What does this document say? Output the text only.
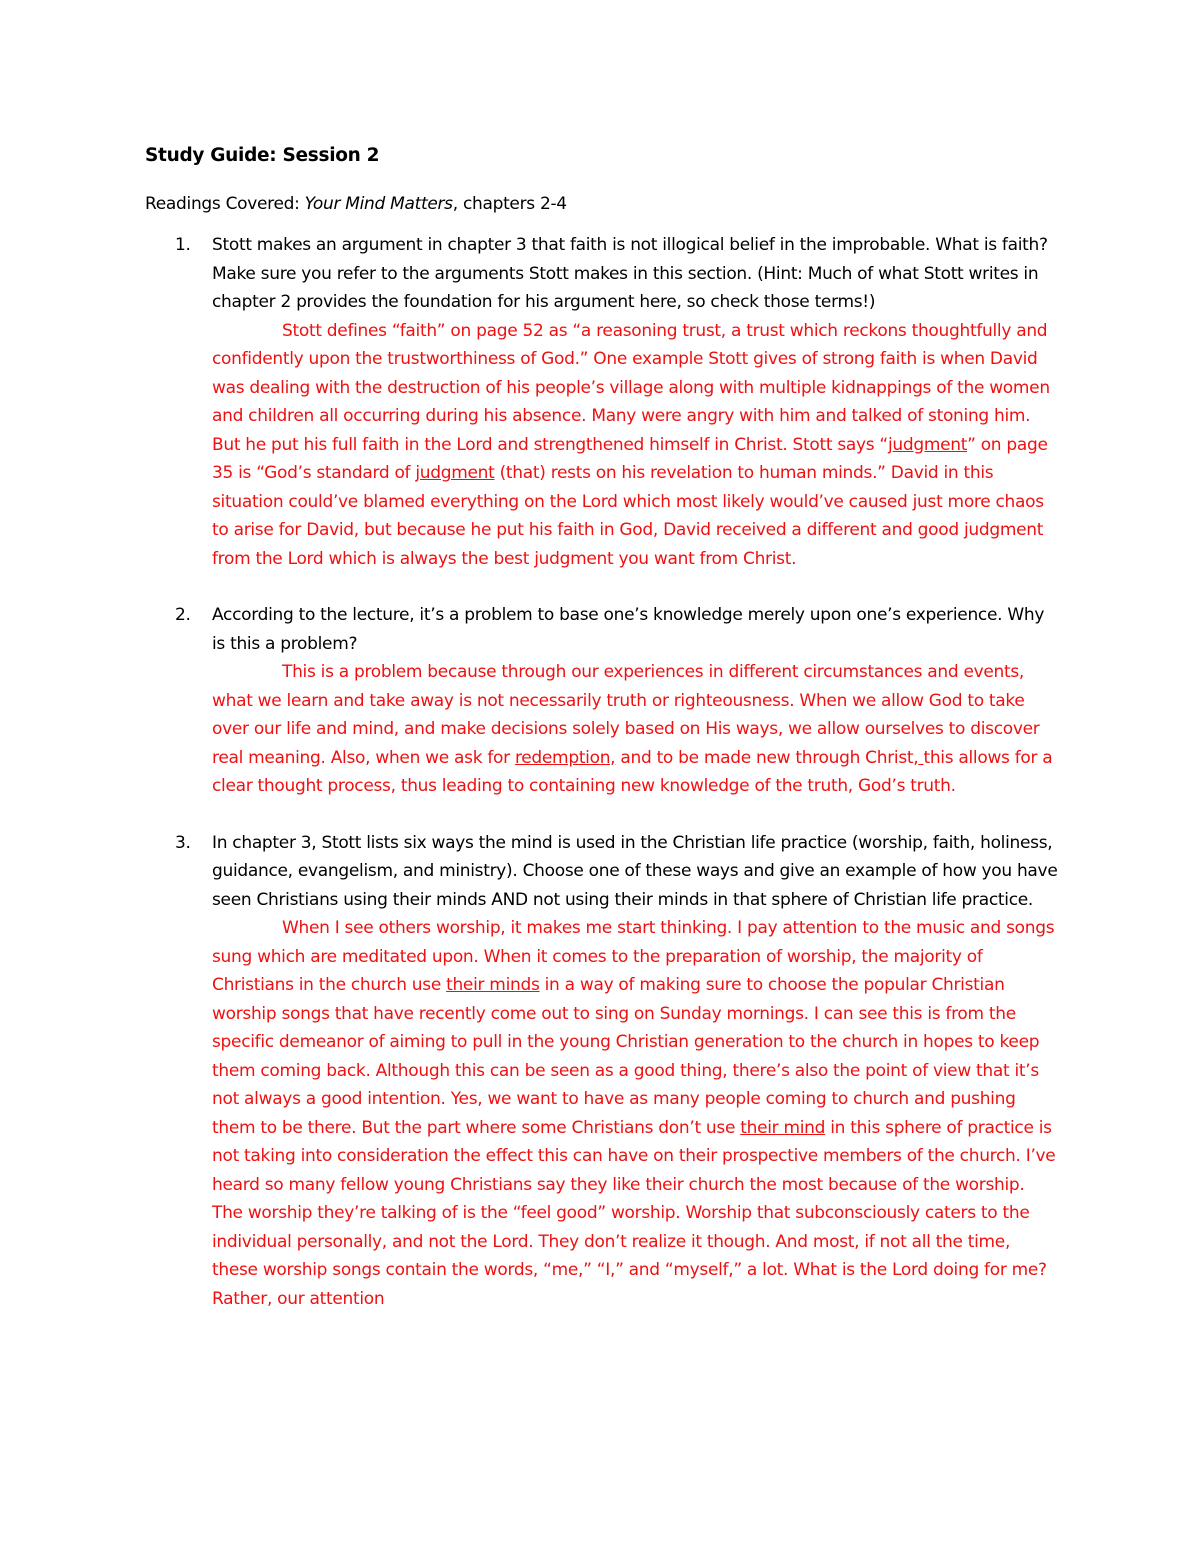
Study Guide: Session 2
Readings Covered: Your Mind Matters, chapters 2-4
1. Stott makes an argument in chapter 3 that faith is not illogical belief in the improbable. What is faith? Make sure you refer to the arguments Stott makes in this section. (Hint: Much of what Stott writes in chapter 2 provides the foundation for his argument here, so check those terms!)

Stott defines “faith” on page 52 as “a reasoning trust, a trust which reckons thoughtfully and confidently upon the trustworthiness of God.” One example Stott gives of strong faith is when David was dealing with the destruction of his people’s village along with multiple kidnappings of the women and children all occurring during his absence. Many were angry with him and talked of stoning him. But he put his full faith in the Lord and strengthened himself in Christ. Stott says “judgment” on page 35 is “God’s standard of judgment (that) rests on his revelation to human minds.” David in this situation could’ve blamed everything on the Lord which most likely would’ve caused just more chaos to arise for David, but because he put his faith in God, David received a different and good judgment from the Lord which is always the best judgment you want from Christ.

2. According to the lecture, it’s a problem to base one’s knowledge merely upon one’s experience. Why is this a problem?

This is a problem because through our experiences in different circumstances and events, what we learn and take away is not necessarily truth or righteousness. When we allow God to take over our life and mind, and make decisions solely based on His ways, we allow ourselves to discover real meaning. Also, when we ask for redemption, and to be made new through Christ, this allows for a clear thought process, thus leading to containing new knowledge of the truth, God’s truth.

3. In chapter 3, Stott lists six ways the mind is used in the Christian life practice (worship, faith, holiness, guidance, evangelism, and ministry). Choose one of these ways and give an example of how you have seen Christians using their minds AND not using their minds in that sphere of Christian life practice.

When I see others worship, it makes me start thinking. I pay attention to the music and songs sung which are meditated upon. When it comes to the preparation of worship, the majority of Christians in the church use their minds in a way of making sure to choose the popular Christian worship songs that have recently come out to sing on Sunday mornings. I can see this is from the specific demeanor of aiming to pull in the young Christian generation to the church in hopes to keep them coming back. Although this can be seen as a good thing, there’s also the point of view that it’s not always a good intention. Yes, we want to have as many people coming to church and pushing them to be there. But the part where some Christians don’t use their mind in this sphere of practice is not taking into consideration the effect this can have on their prospective members of the church. I’ve heard so many fellow young Christians say they like their church the most because of the worship. The worship they’re talking of is the “feel good” worship. Worship that subconsciously caters to the individual personally, and not the Lord. They don’t realize it though. And most, if not all the time, these worship songs contain the words, “me,” “I,” and “myself,” a lot. What is the Lord doing for me? Rather, our attention
